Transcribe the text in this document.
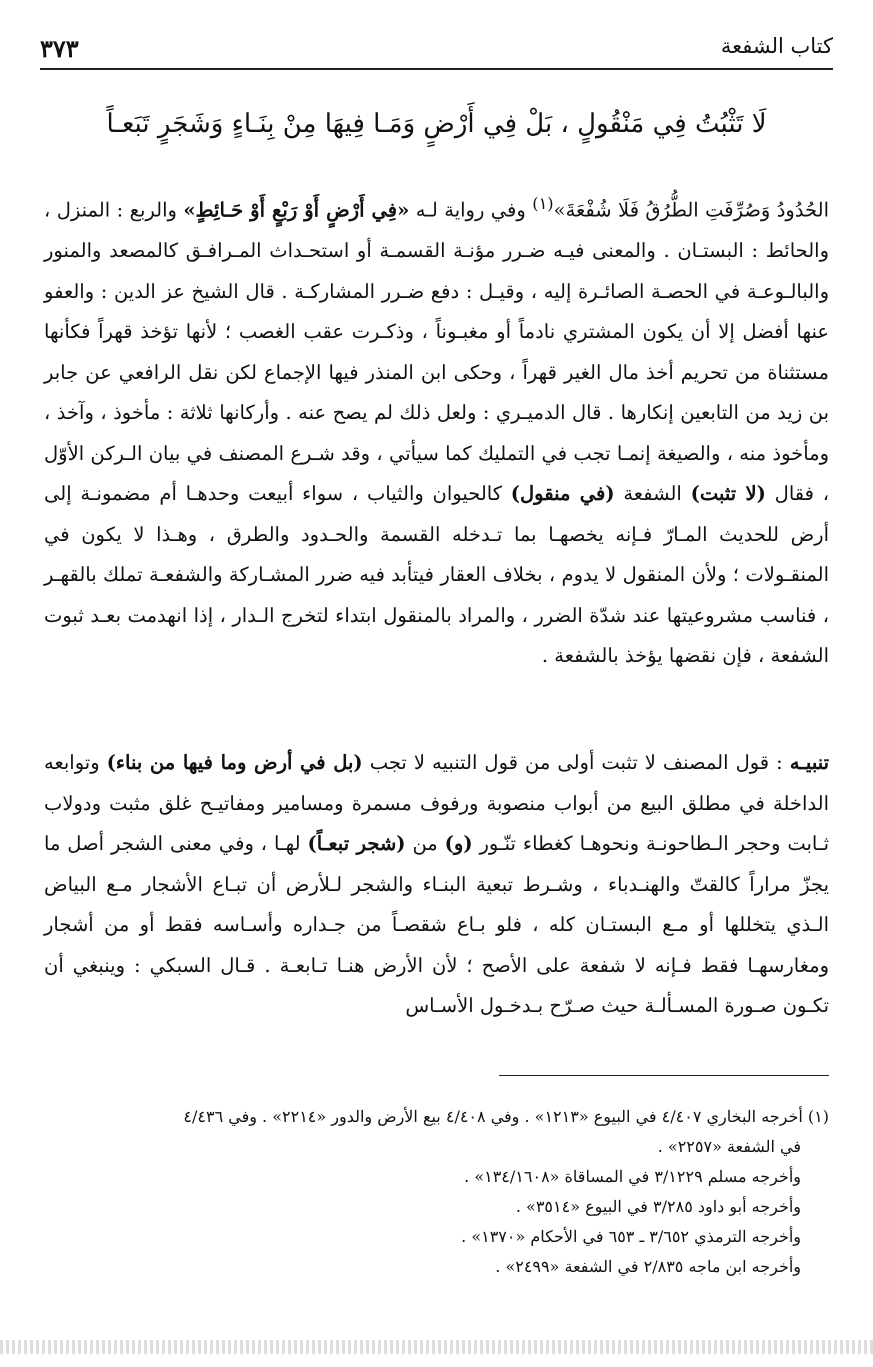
كتاب الشفعة
٣٧٣
لَا تَثْبُتُ فِي مَنْقُولٍ ، بَلْ فِي أَرْضٍ وَمَـا فِيهَا مِنْ بِنَـاءٍ وَشَجَرٍ تَبَعـاً

الحُدُودُ وَصُرِّفَتِ الطُّرُقُ فَلَا شُفْعَةَ»$^{(١)}$ وفي رواية لـه «فِي أَرْضٍ أَوْ رَبْعٍ أَوْ حَـائِطٍ» والربع : المنزل ، والحائط : البستـان . والمعنى فيـه ضـرر مؤنـة القسمـة أو استحـداث المـرافـق كالمصعد والمنور والبالـوعـة في الحصـة الصائـرة إليه ، وقيـل : دفع ضـرر المشاركـة . قال الشيخ عز الدين : والعفو عنها أفضل إلا أن يكون المشتري نادماً أو مغبـوناً ، وذكـرت عقب الغصب ؛ لأنها تؤخذ قهراً فكأنها مستثناة من تحريم أخذ مال الغير قهراً ، وحكى ابن المنذر فيها الإجماع لكن نقل الرافعي عن جابر بن زيد من التابعين إنكارها . قال الدميـري : ولعل ذلك لم يصح عنه . وأركانها ثلاثة : مأخوذ ، وآخذ ، ومأخوذ منه ، والصيغة إنمـا تجب في التمليك كما سيأتي ، وقد شـرع المصنف في بيان الـركن الأوّل ، فقال (لا تثبت) الشفعة (في منقول) كالحيوان والثياب ، سواء أبيعت وحدهـا أم مضمونـة إلى أرض للحديث المـارّ فـإنه يخصهـا بما تـدخله القسمة والحـدود والطرق ، وهـذا لا يكون في المنقـولات ؛ ولأن المنقول لا يدوم ، بخلاف العقار فيتأبد فيه ضرر المشـاركة والشفعـة تملك بالقهـر ، فناسب مشروعيتها عند شدّة الضرر ، والمراد بالمنقول ابتداء لتخرج الـدار ، إذا انهدمت بعـد ثبوت الشفعة ، فإن نقضها يؤخذ بالشفعة .

تنبيـه : قول المصنف لا تثبت أولى من قول التنبيه لا تجب (بل في أرض وما فيها من بناء) وتوابعه الداخلة في مطلق البيع من أبواب منصوبة ورفوف مسمرة ومسامير ومفاتيـح غلق مثبت ودولاب ثـابت وحجر الـطاحونـة ونحوهـا كغطاء تنّـور (و) من (شجر تبعـاً) لهـا ، وفي معنى الشجر أصل ما يجزّ مراراً كالقتّ والهنـدباء ، وشـرط تبعية البنـاء والشجر لـلأرض أن تبـاع الأشجار مـع البياض الـذي يتخللها أو مـع البستـان كله ، فلو بـاع شقصـاً من جـداره وأسـاسه فقط أو من أشجار ومغارسهـا فقط فـإنه لا شفعة على الأصح ؛ لأن الأرض هنـا تـابعـة . قـال السبكي : وينبغي أن تكـون صـورة المسـألـة حيث صـرّح بـدخـول الأسـاس

(١) أخرجه البخاري ٤/٤٠٧ في البيوع «١٢١٣» . وفي ٤/٤٠٨ بيع الأرض والدور «٢٢١٤» . وفي ٤/٤٣٦
في الشفعة «٢٢٥٧» .
وأخرجه مسلم ٣/١٢٢٩ في المساقاة «١٣٤/١٦٠٨» .
وأخرجه أبو داود ٣/٢٨٥ في البيوع «٣٥١٤» .
وأخرجه الترمذي ٣/٦٥٢ ـ ٦٥٣ في الأحكام «١٣٧٠» .
وأخرجه ابن ماجه ٢/٨٣٥ في الشفعة «٢٤٩٩» .
